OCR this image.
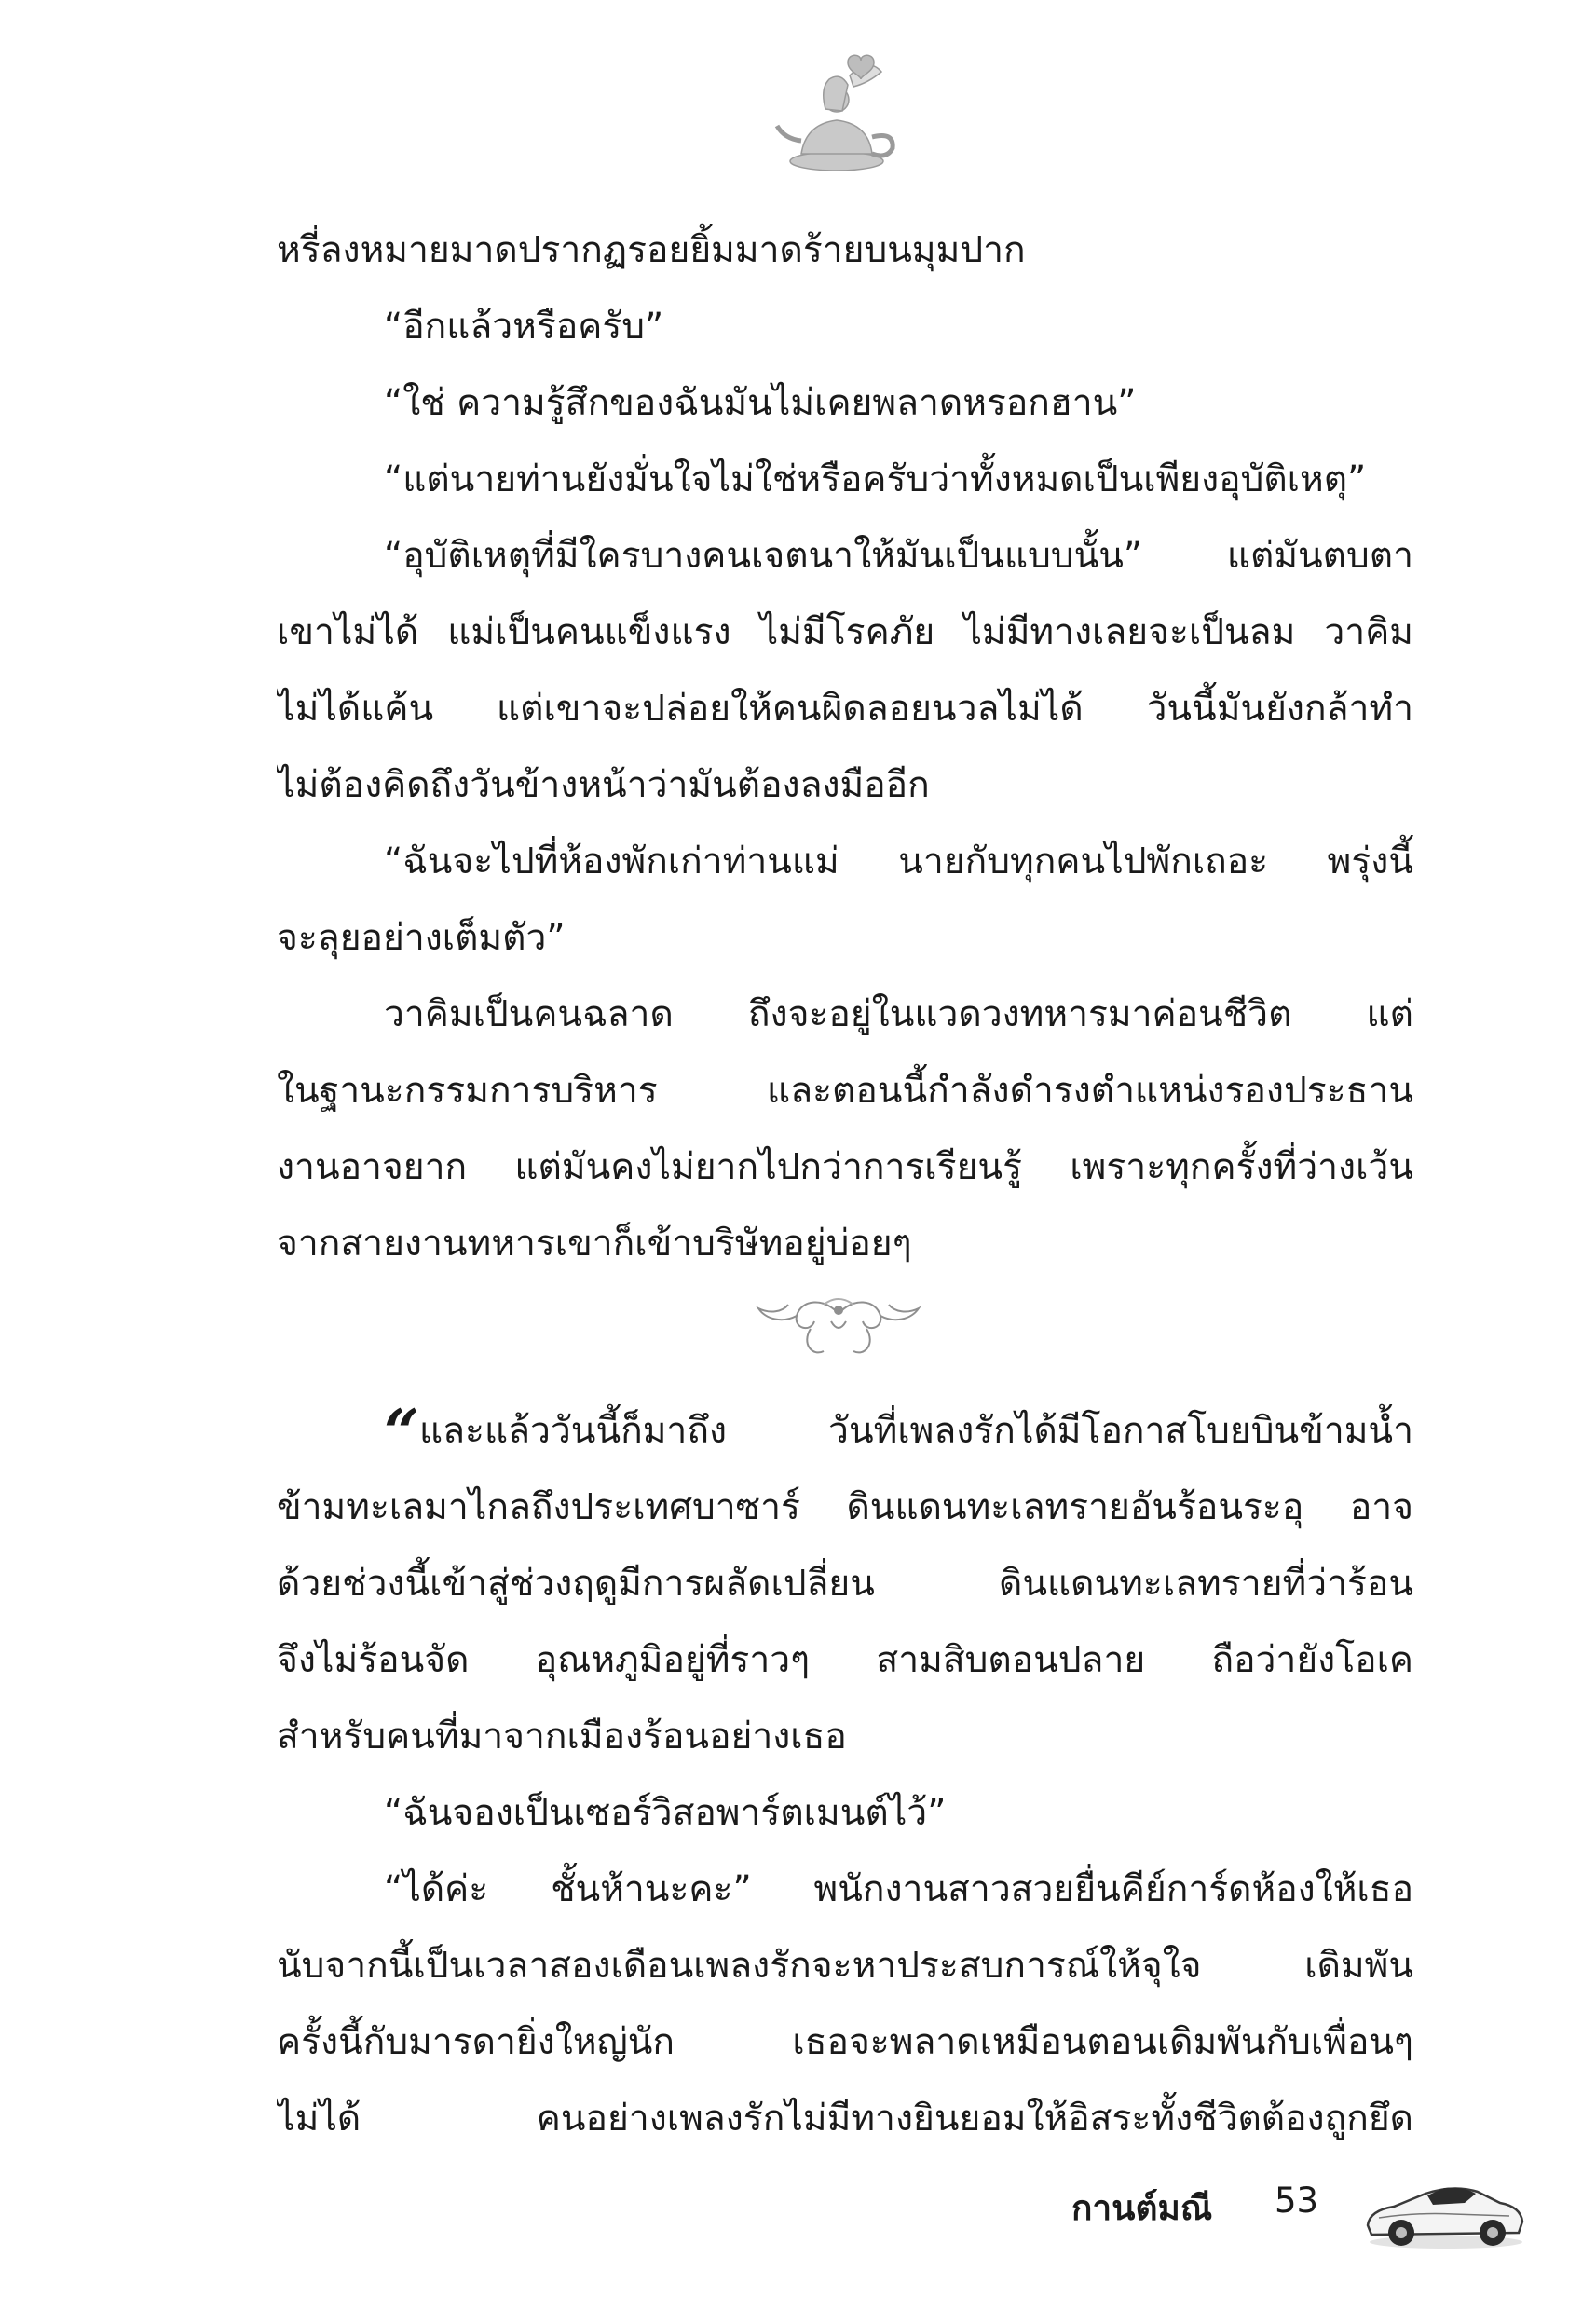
หรี่ลงหมายมาดปรากฏรอยยิ้มมาดร้ายบนมุมปาก
“อีกแล้วหรือครับ”
“ใช่ ความรู้สึกของฉันมันไม่เคยพลาดหรอกฮาน”
“แต่นายท่านยังมั่นใจไม่ใช่หรือครับว่าทั้งหมดเป็นเพียงอุบัติเหตุ”
“อุบัติเหตุที่มีใครบางคนเจตนาให้มันเป็นแบบนั้น” แต่มันตบตา
เขาไม่ได้ แม่เป็นคนแข็งแรง ไม่มีโรคภัย ไม่มีทางเลยจะเป็นลม วาคิม
ไม่ได้แค้น แต่เขาจะปล่อยให้คนผิดลอยนวลไม่ได้ วันนี้มันยังกล้าทำ
ไม่ต้องคิดถึงวันข้างหน้าว่ามันต้องลงมืออีก
“ฉันจะไปที่ห้องพักเก่าท่านแม่ นายกับทุกคนไปพักเถอะ พรุ่งนี้
จะลุยอย่างเต็มตัว”
วาคิมเป็นคนฉลาด ถึงจะอยู่ในแวดวงทหารมาค่อนชีวิต แต่
ในฐานะกรรมการบริหาร และตอนนี้กำลังดำรงตำแหน่งรองประธาน
งานอาจยาก แต่มันคงไม่ยากไปกว่าการเรียนรู้ เพราะทุกครั้งที่ว่างเว้น
จากสายงานทหารเขาก็เข้าบริษัทอยู่บ่อยๆ
“ และแล้ววันนี้ก็มาถึง วันที่เพลงรักได้มีโอกาสโบยบินข้ามน้ำ
ข้ามทะเลมาไกลถึงประเทศบาซาร์ ดินแดนทะเลทรายอันร้อนระอุ อาจ
ด้วยช่วงนี้เข้าสู่ช่วงฤดูมีการผลัดเปลี่ยน ดินแดนทะเลทรายที่ว่าร้อน
จึงไม่ร้อนจัด อุณหภูมิอยู่ที่ราวๆ สามสิบตอนปลาย ถือว่ายังโอเค
สำหรับคนที่มาจากเมืองร้อนอย่างเธอ
“ฉันจองเป็นเซอร์วิสอพาร์ตเมนต์ไว้”
“ได้ค่ะ ชั้นห้านะคะ” พนักงานสาวสวยยื่นคีย์การ์ดห้องให้เธอ
นับจากนี้เป็นเวลาสองเดือนเพลงรักจะหาประสบการณ์ให้จุใจ เดิมพัน
ครั้งนี้กับมารดายิ่งใหญ่นัก เธอจะพลาดเหมือนตอนเดิมพันกับเพื่อนๆ
ไม่ได้ คนอย่างเพลงรักไม่มีทางยินยอมให้อิสระทั้งชีวิตต้องถูกยึด
กานต์มณี 53
